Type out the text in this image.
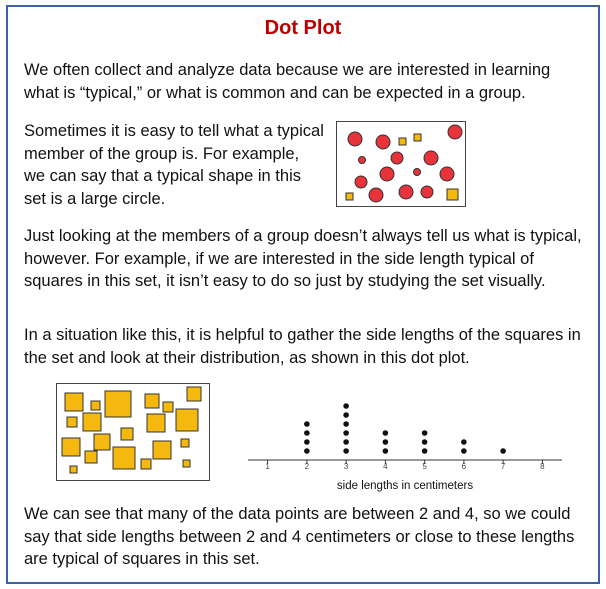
Dot Plot

We often collect and analyze data because we are interested in learning what is “typical,” or what is common and can be expected in a group.

Sometimes it is easy to tell what a typical member of the group is. For example, we can say that a typical shape in this set is a large circle.

Just looking at the members of a group doesn’t always tell us what is typical, however. For example, if we are interested in the side length typical of squares in this set, it isn’t easy to do so just by studying the set visually.

In a situation like this, it is helpful to gather the side lengths of the squares in the set and look at their distribution, as shown in this dot plot.

1	2	3	4	5	6	7	8
side lengths in centimeters

We can see that many of the data points are between 2 and 4, so we could say that side lengths between 2 and 4 centimeters or close to these lengths are typical of squares in this set.
